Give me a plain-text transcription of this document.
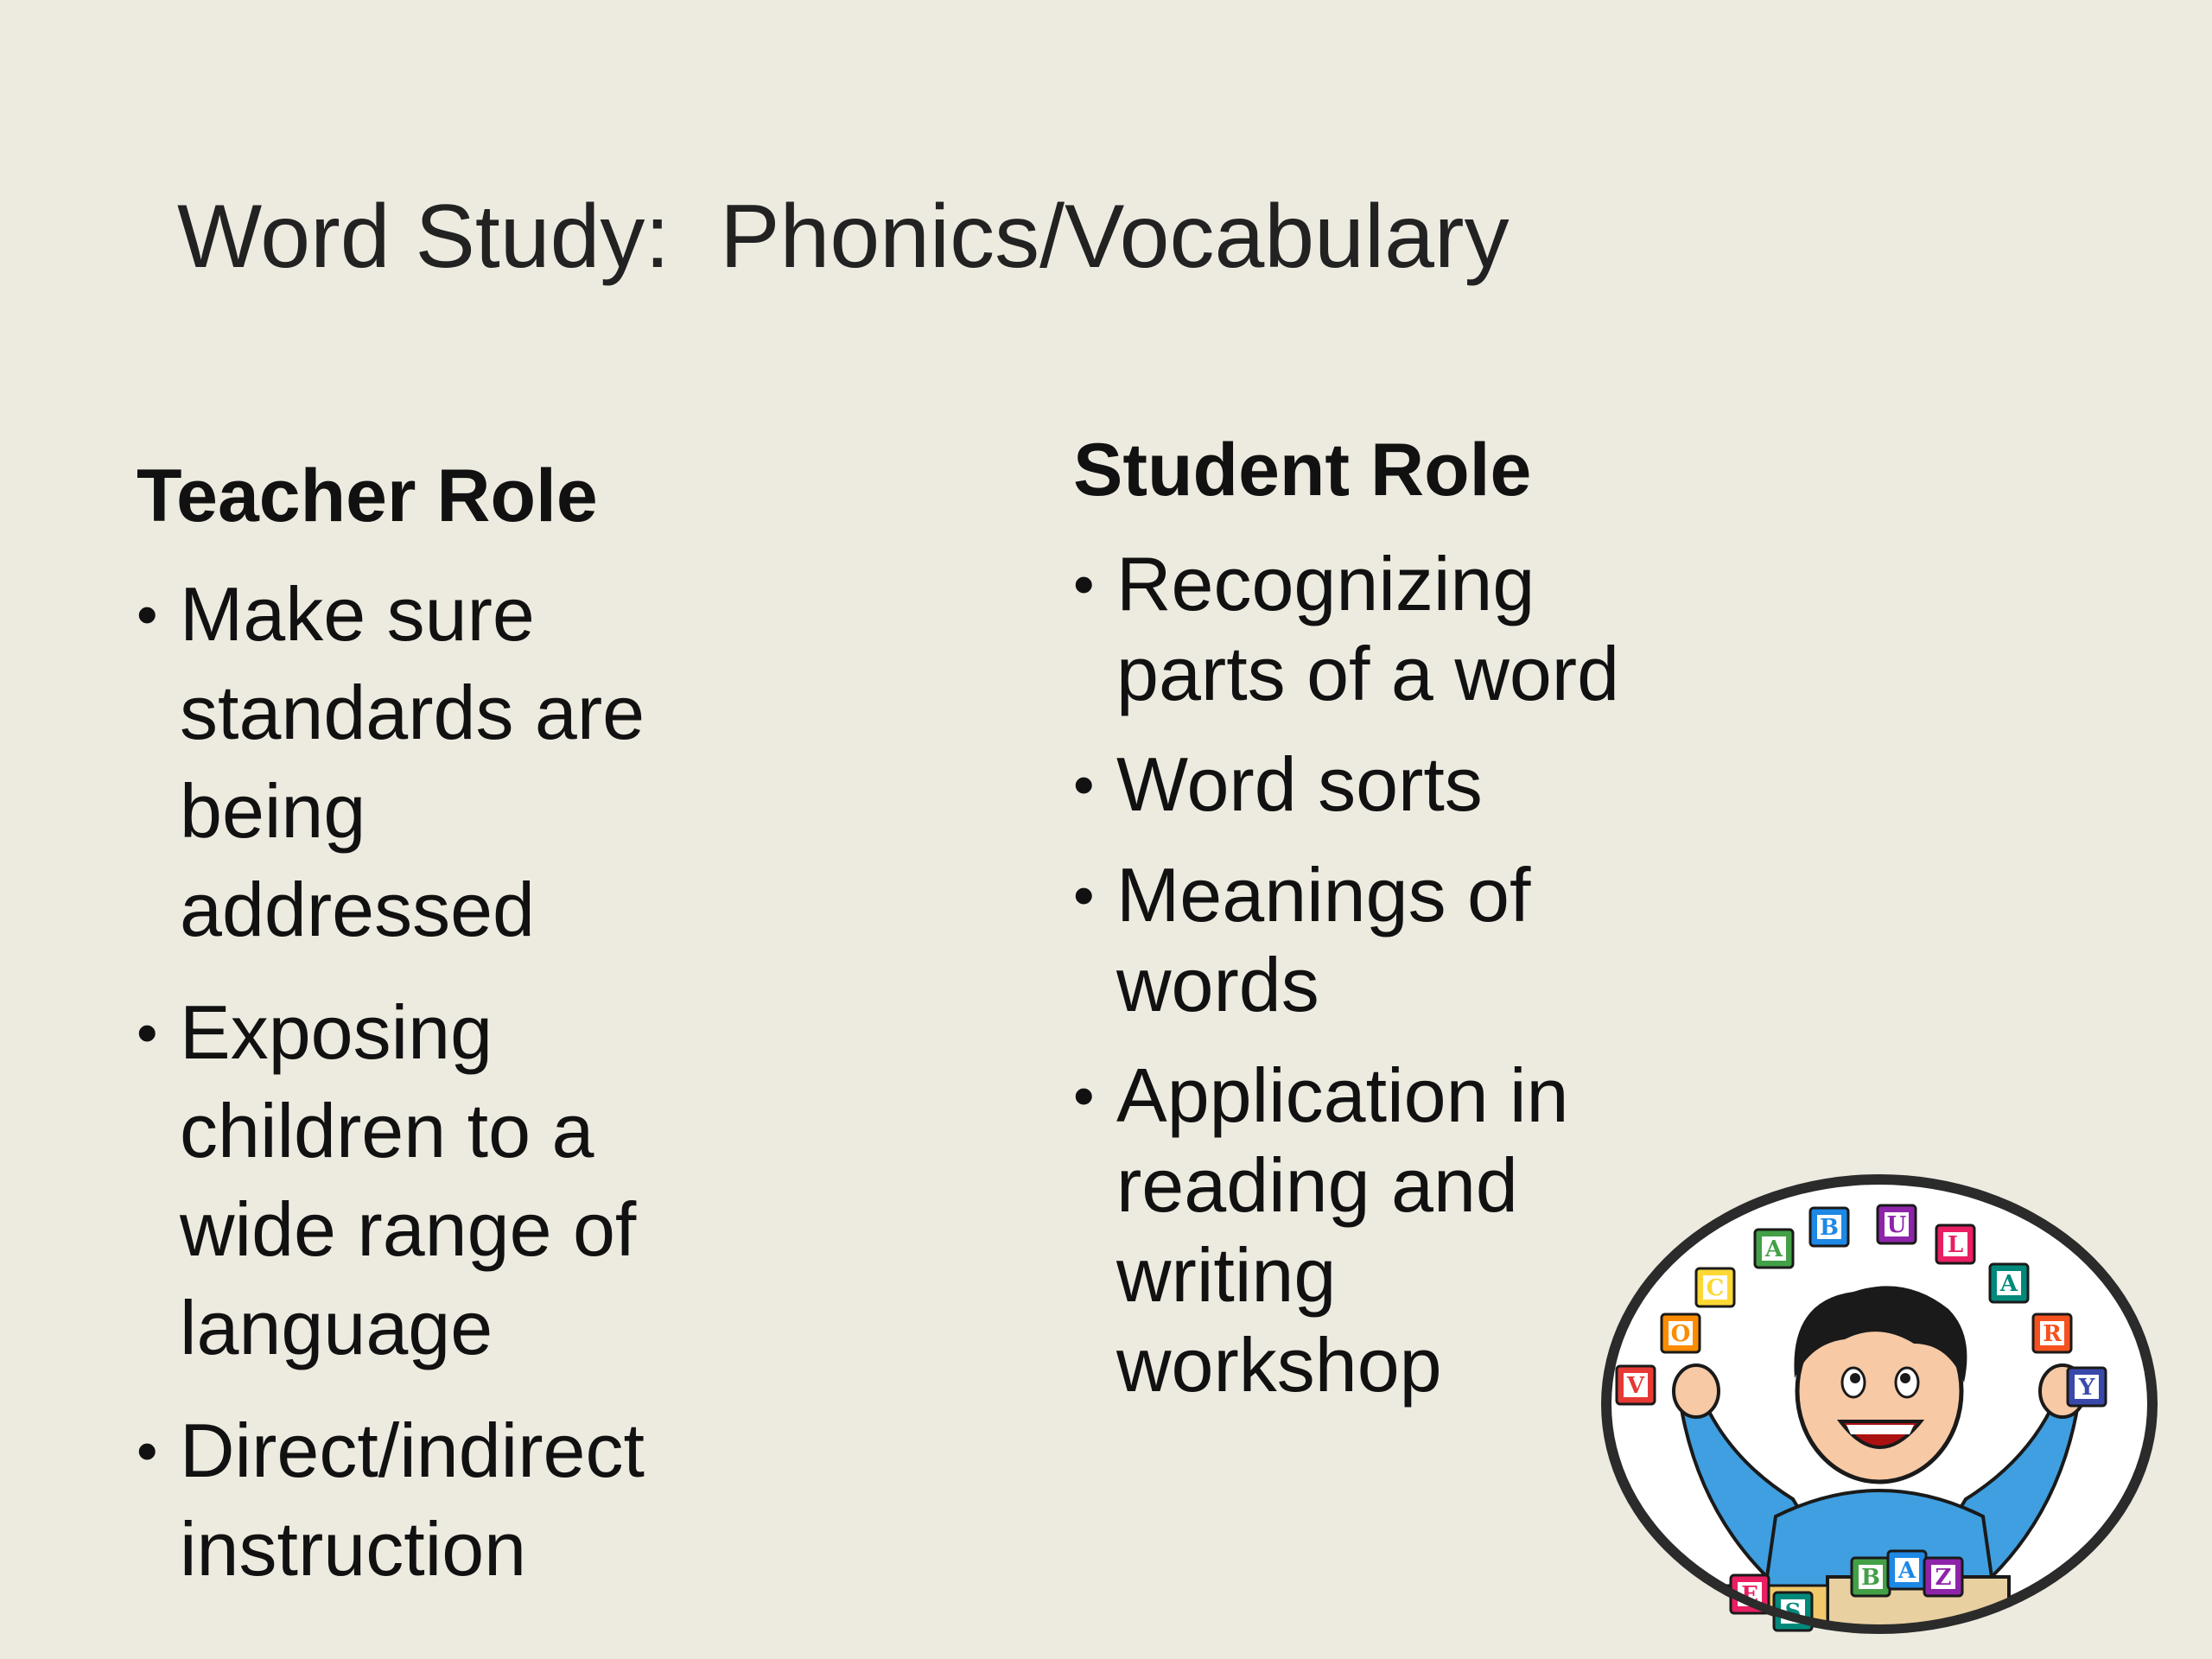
Word Study:  Phonics/Vocabulary
Teacher Role
• Make sure standards are being addressed
• Exposing children to a wide range of language
• Direct/indirect instruction
Student Role
• Recognizing parts of a word
• Word sorts
• Meanings of words
• Application in reading and writing workshop	V
O
C
A
B U
L
A
R
Y
B A Z
E
S
